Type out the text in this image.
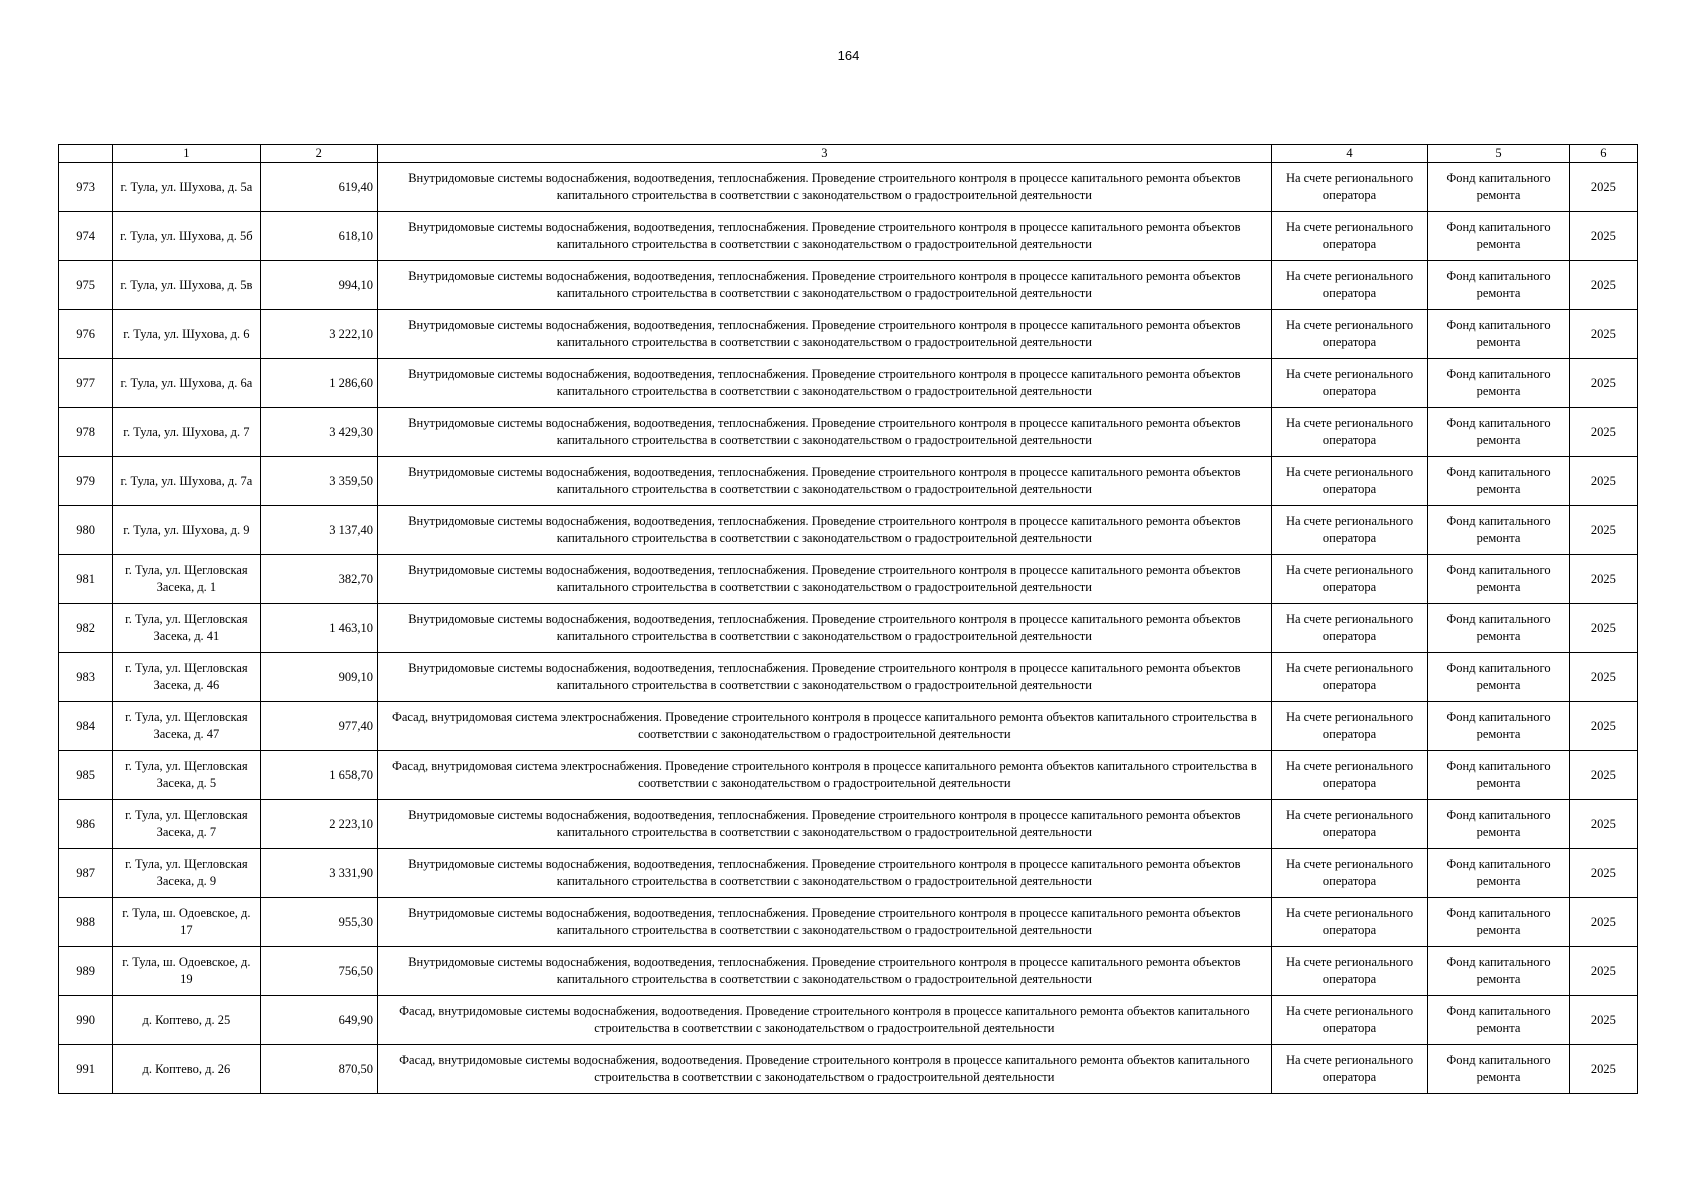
164
	1	2	3	4	5	6
973	г. Тула, ул. Шухова, д. 5а	619,40	Внутридомовые системы водоснабжения, водоотведения, теплоснабжения. Проведение строительного контроля в процессе капитального ремонта объектов капитального строительства в соответствии с законодательством о градостроительной деятельности	На счете регионального оператора	Фонд капитального ремонта	2025
974	г. Тула, ул. Шухова, д. 5б	618,10	Внутридомовые системы водоснабжения, водоотведения, теплоснабжения. Проведение строительного контроля в процессе капитального ремонта объектов капитального строительства в соответствии с законодательством о градостроительной деятельности	На счете регионального оператора	Фонд капитального ремонта	2025
975	г. Тула, ул. Шухова, д. 5в	994,10	Внутридомовые системы водоснабжения, водоотведения, теплоснабжения. Проведение строительного контроля в процессе капитального ремонта объектов капитального строительства в соответствии с законодательством о градостроительной деятельности	На счете регионального оператора	Фонд капитального ремонта	2025
976	г. Тула, ул. Шухова, д. 6	3 222,10	Внутридомовые системы водоснабжения, водоотведения, теплоснабжения. Проведение строительного контроля в процессе капитального ремонта объектов капитального строительства в соответствии с законодательством о градостроительной деятельности	На счете регионального оператора	Фонд капитального ремонта	2025
977	г. Тула, ул. Шухова, д. 6а	1 286,60	Внутридомовые системы водоснабжения, водоотведения, теплоснабжения. Проведение строительного контроля в процессе капитального ремонта объектов капитального строительства в соответствии с законодательством о градостроительной деятельности	На счете регионального оператора	Фонд капитального ремонта	2025
978	г. Тула, ул. Шухова, д. 7	3 429,30	Внутридомовые системы водоснабжения, водоотведения, теплоснабжения. Проведение строительного контроля в процессе капитального ремонта объектов капитального строительства в соответствии с законодательством о градостроительной деятельности	На счете регионального оператора	Фонд капитального ремонта	2025
979	г. Тула, ул. Шухова, д. 7а	3 359,50	Внутридомовые системы водоснабжения, водоотведения, теплоснабжения. Проведение строительного контроля в процессе капитального ремонта объектов капитального строительства в соответствии с законодательством о градостроительной деятельности	На счете регионального оператора	Фонд капитального ремонта	2025
980	г. Тула, ул. Шухова, д. 9	3 137,40	Внутридомовые системы водоснабжения, водоотведения, теплоснабжения. Проведение строительного контроля в процессе капитального ремонта объектов капитального строительства в соответствии с законодательством о градостроительной деятельности	На счете регионального оператора	Фонд капитального ремонта	2025
981	г. Тула, ул. Щегловская Засека, д. 1	382,70	Внутридомовые системы водоснабжения, водоотведения, теплоснабжения. Проведение строительного контроля в процессе капитального ремонта объектов капитального строительства в соответствии с законодательством о градостроительной деятельности	На счете регионального оператора	Фонд капитального ремонта	2025
982	г. Тула, ул. Щегловская Засека, д. 41	1 463,10	Внутридомовые системы водоснабжения, водоотведения, теплоснабжения. Проведение строительного контроля в процессе капитального ремонта объектов капитального строительства в соответствии с законодательством о градостроительной деятельности	На счете регионального оператора	Фонд капитального ремонта	2025
983	г. Тула, ул. Щегловская Засека, д. 46	909,10	Внутридомовые системы водоснабжения, водоотведения, теплоснабжения. Проведение строительного контроля в процессе капитального ремонта объектов капитального строительства в соответствии с законодательством о градостроительной деятельности	На счете регионального оператора	Фонд капитального ремонта	2025
984	г. Тула, ул. Щегловская Засека, д. 47	977,40	Фасад, внутридомовая система электроснабжения. Проведение строительного контроля в процессе капитального ремонта объектов капитального строительства в соответствии с законодательством о градостроительной деятельности	На счете регионального оператора	Фонд капитального ремонта	2025
985	г. Тула, ул. Щегловская Засека, д. 5	1 658,70	Фасад, внутридомовая система электроснабжения. Проведение строительного контроля в процессе капитального ремонта объектов капитального строительства в соответствии с законодательством о градостроительной деятельности	На счете регионального оператора	Фонд капитального ремонта	2025
986	г. Тула, ул. Щегловская Засека, д. 7	2 223,10	Внутридомовые системы водоснабжения, водоотведения, теплоснабжения. Проведение строительного контроля в процессе капитального ремонта объектов капитального строительства в соответствии с законодательством о градостроительной деятельности	На счете регионального оператора	Фонд капитального ремонта	2025
987	г. Тула, ул. Щегловская Засека, д. 9	3 331,90	Внутридомовые системы водоснабжения, водоотведения, теплоснабжения. Проведение строительного контроля в процессе капитального ремонта объектов капитального строительства в соответствии с законодательством о градостроительной деятельности	На счете регионального оператора	Фонд капитального ремонта	2025
988	г. Тула, ш. Одоевское, д. 17	955,30	Внутридомовые системы водоснабжения, водоотведения, теплоснабжения. Проведение строительного контроля в процессе капитального ремонта объектов капитального строительства в соответствии с законодательством о градостроительной деятельности	На счете регионального оператора	Фонд капитального ремонта	2025
989	г. Тула, ш. Одоевское, д. 19	756,50	Внутридомовые системы водоснабжения, водоотведения, теплоснабжения. Проведение строительного контроля в процессе капитального ремонта объектов капитального строительства в соответствии с законодательством о градостроительной деятельности	На счете регионального оператора	Фонд капитального ремонта	2025
990	д. Коптево, д. 25	649,90	Фасад, внутридомовые системы водоснабжения, водоотведения. Проведение строительного контроля в процессе капитального ремонта объектов капитального строительства в соответствии с законодательством о градостроительной деятельности	На счете регионального оператора	Фонд капитального ремонта	2025
991	д. Коптево, д. 26	870,50	Фасад, внутридомовые системы водоснабжения, водоотведения. Проведение строительного контроля в процессе капитального ремонта объектов капитального строительства в соответствии с законодательством о градостроительной деятельности	На счете регионального оператора	Фонд капитального ремонта	2025
